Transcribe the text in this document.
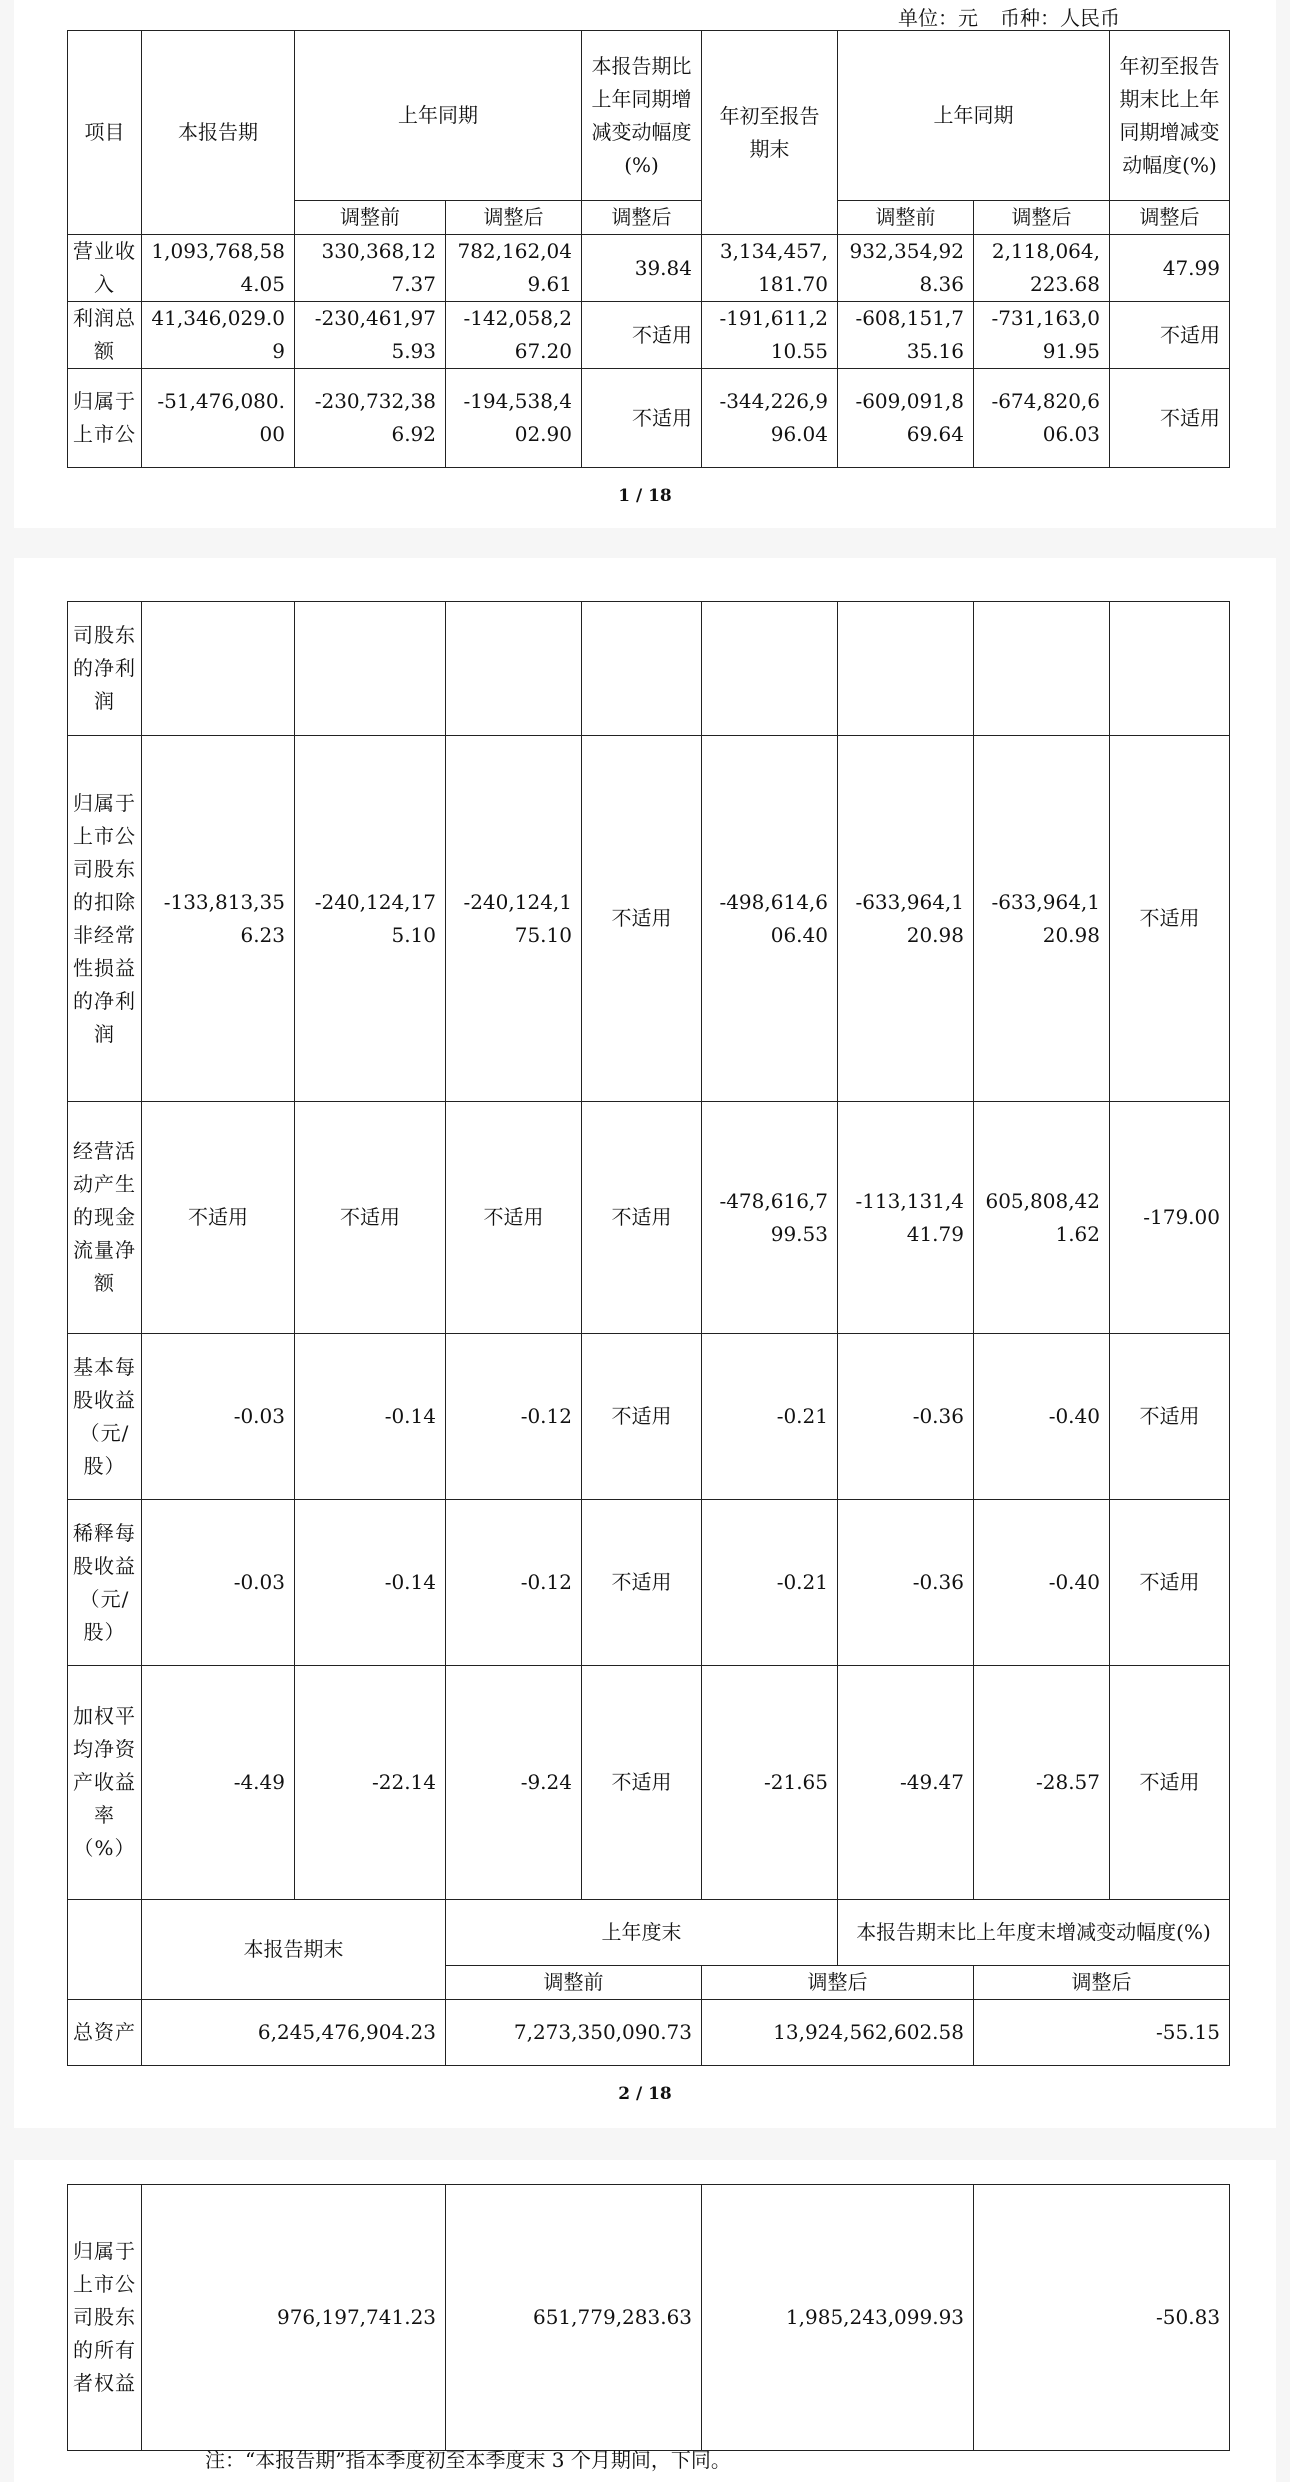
单位：元 币种：人民币
项目	本报告期	上年同期		本报告期比上年同期增减变动幅度(%)	年初至报告期末	上年同期		年初至报告期末比上年同期增减变动幅度(%)
		调整前	调整后	调整后		调整前	调整后	调整后
营业收入	1,093,768,584.05	330,368,127.37	782,162,049.61	39.84	3,134,457,181.70	932,354,928.36	2,118,064,223.68	47.99
利润总额	41,346,029.09	-230,461,975.93	-142,058,267.20	不适用	-191,611,210.55	-608,151,735.16	-731,163,091.95	不适用
归属于上市公	-51,476,080.00	-230,732,386.92	-194,538,402.90	不适用	-344,226,996.04	-609,091,869.64	-674,820,606.03	不适用
1 / 18
司股东的净利润								
归属于上市公司股东的扣除非经常性损益的净利润	-133,813,356.23	-240,124,175.10	-240,124,175.10	不适用	-498,614,606.40	-633,964,120.98	-633,964,120.98	不适用
经营活动产生的现金流量净额	不适用	不适用	不适用	不适用	-478,616,799.53	-113,131,441.79	605,808,421.62	-179.00
基本每股收益（元/股）	-0.03	-0.14	-0.12	不适用	-0.21	-0.36	-0.40	不适用
稀释每股收益（元/股）	-0.03	-0.14	-0.12	不适用	-0.21	-0.36	-0.40	不适用
加权平均净资产收益率（%）	-4.49	-22.14	-9.24	不适用	-21.65	-49.47	-28.57	不适用
	本报告期末		上年度末			本报告期末比上年度末增减变动幅度(%)		
			调整前		调整后		调整后	
总资产	6,245,476,904.23		7,273,350,090.73		13,924,562,602.58		-55.15	
2 / 18
归属于上市公司股东的所有者权益	976,197,741.23	651,779,283.63	1,985,243,099.93	-50.83
注：“本报告期”指本季度初至本季度末 3 个月期间，下同。
